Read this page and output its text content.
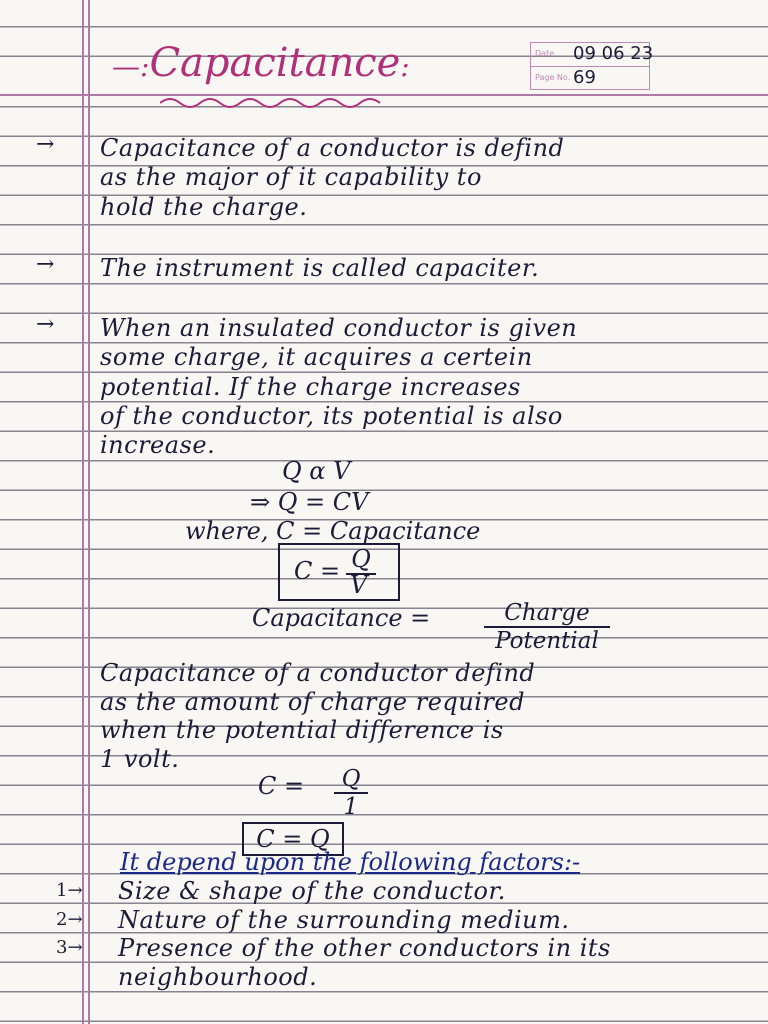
—:Capacitance:	Date 09 06 23
Page No. 69
→ Capacitance of a conductor is defind
as the major of it capability to
hold the charge.
→ The instrument is called capaciter.
→ When an insulated conductor is given
some charge, it acquires a certein
potential. If the charge increases
of the conductor, its potential is also
increase.
Q α V
⇒ Q = CV
where, C = Capacitance
C = Q
V
Capacitance =	Charge
Potential
Capacitance of a conductor defind
as the amount of charge required
when the potential difference is
1 volt.
$C = \frac{Q}{1}$
C = Q
It depend upon the following factors:-
1→ Size & shape of the conductor.
2→ Nature of the surrounding medium.
3→ Presence of the other conductors in its
neighbourhood.
